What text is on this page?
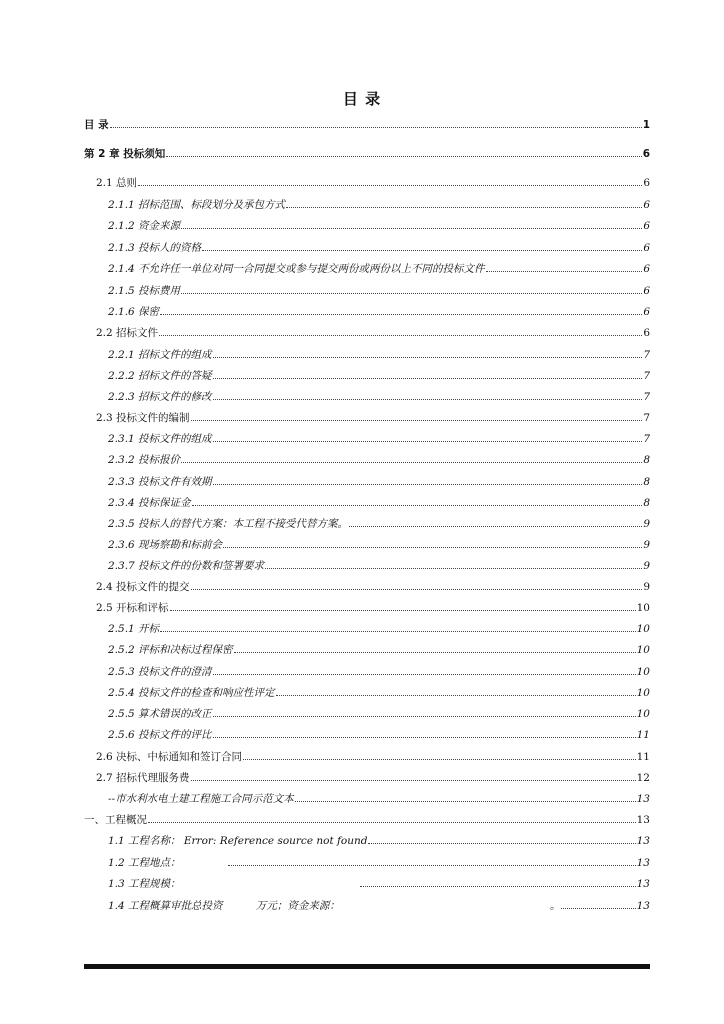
目 录
目 录	1
第 2 章 投标须知	6
2.1 总则	6
2.1.1 招标范围、标段划分及承包方式	6
2.1.2 资金来源	6
2.1.3 投标人的资格	6
2.1.4 不允许任一单位对同一合同提交或参与提交两份或两份以上不同的投标文件	6
2.1.5 投标费用	6
2.1.6 保密	6
2.2 招标文件	6
2.2.1 招标文件的组成	7
2.2.2 招标文件的答疑	7
2.2.3 招标文件的修改	7
2.3 投标文件的编制	7
2.3.1 投标文件的组成	7
2.3.2 投标报价	8
2.3.3 投标文件有效期	8
2.3.4 投标保证金	8
2.3.5 投标人的替代方案：本工程不接受代替方案。	9
2.3.6 现场察勘和标前会	9
2.3.7 投标文件的份数和签署要求	9
2.4 投标文件的提交	9
2.5 开标和评标	10
2.5.1 开标	10
2.5.2 评标和决标过程保密	10
2.5.3 投标文件的澄清	10
2.5.4 投标文件的检查和响应性评定	10
2.5.5 算术错误的改正	10
2.5.6 投标文件的评比	11
2.6 决标、中标通知和签订合同	11
2.7 招标代理服务费	12
--市水利水电土建工程施工合同示范文本	13
一、工程概况	13
1.1 工程名称： Error: Reference source not found	13
1.2 工程地点：	13
1.3 工程规模：	13
1.4 工程概算审批总投资          万元；资金来源：	。	13
